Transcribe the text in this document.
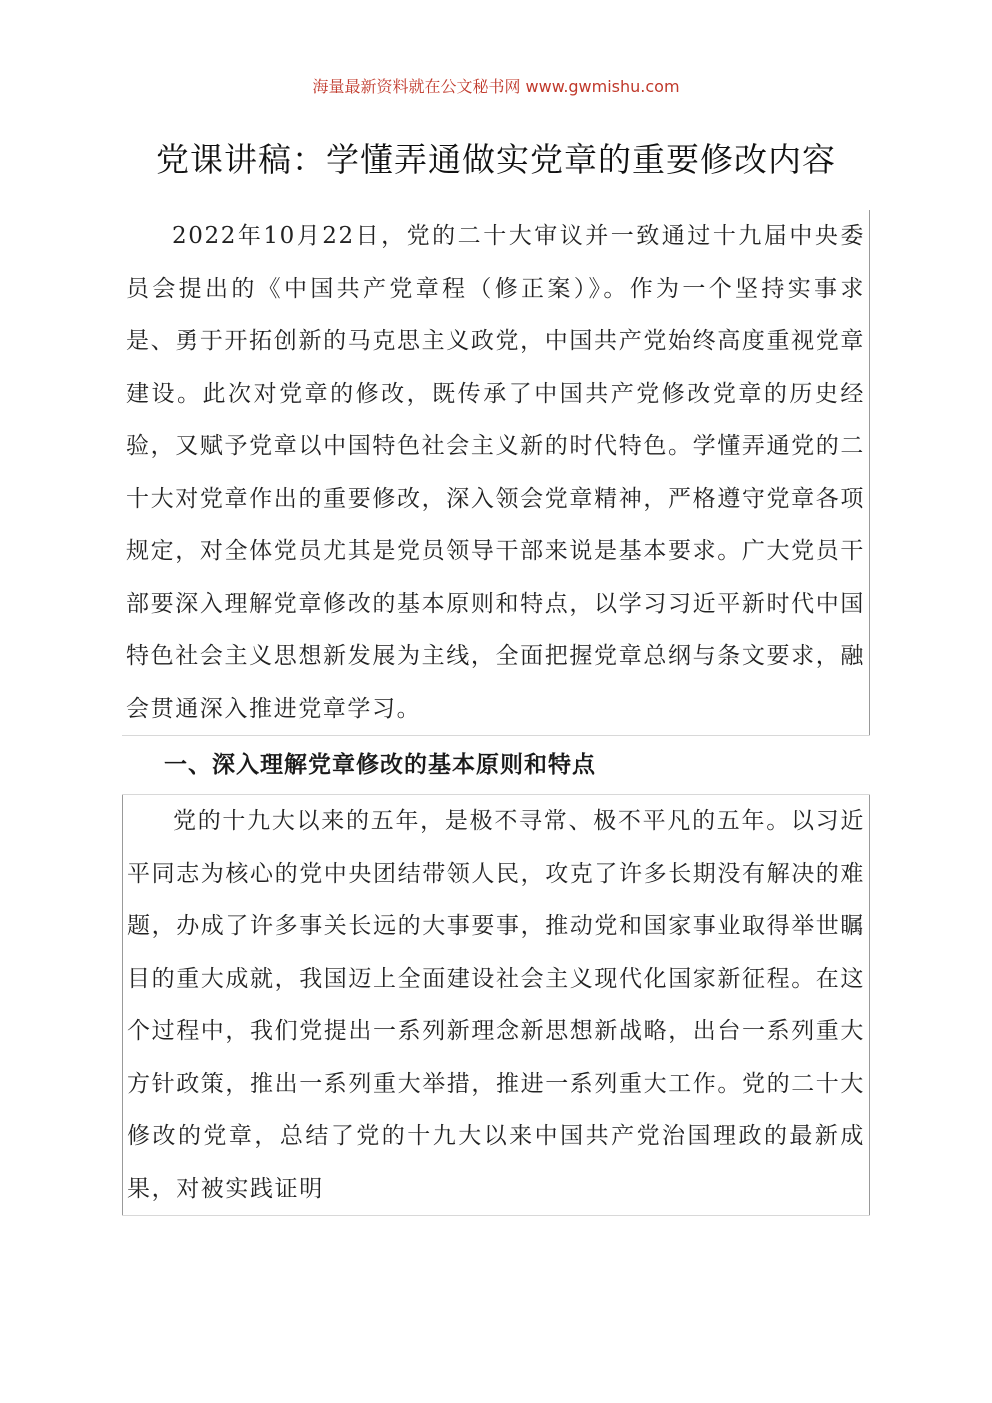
海量最新资料就在公文秘书网 www.gwmishu.com
党课讲稿：学懂弄通做实党章的重要修改内容

2022年10月22日，党的二十大审议并一致通过十九届中央委员会提出的《中国共产党章程（修正案）》。作为一个坚持实事求是、勇于开拓创新的马克思主义政党，中国共产党始终高度重视党章建设。此次对党章的修改，既传承了中国共产党修改党章的历史经验，又赋予党章以中国特色社会主义新的时代特色。学懂弄通党的二十大对党章作出的重要修改，深入领会党章精神，严格遵守党章各项规定，对全体党员尤其是党员领导干部来说是基本要求。广大党员干部要深入理解党章修改的基本原则和特点，以学习习近平新时代中国特色社会主义思想新发展为主线，全面把握党章总纲与条文要求，融会贯通深入推进党章学习。

一、深入理解党章修改的基本原则和特点

党的十九大以来的五年，是极不寻常、极不平凡的五年。以习近平同志为核心的党中央团结带领人民，攻克了许多长期没有解决的难题，办成了许多事关长远的大事要事，推动党和国家事业取得举世瞩目的重大成就，我国迈上全面建设社会主义现代化国家新征程。在这个过程中，我们党提出一系列新理念新思想新战略，出台一系列重大方针政策，推出一系列重大举措，推进一系列重大工作。党的二十大修改的党章，总结了党的十九大以来中国共产党治国理政的最新成果，对被实践证明
